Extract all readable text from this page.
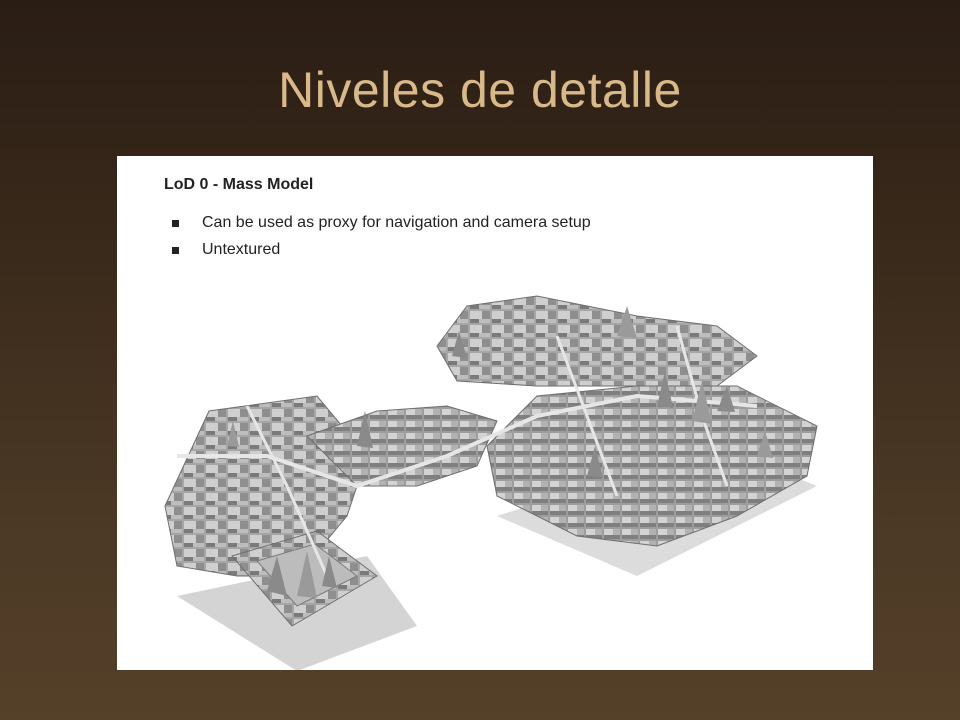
Niveles de detalle
LoD 0 - Mass Model
Can be used as proxy for navigation and camera setup
Untextured
